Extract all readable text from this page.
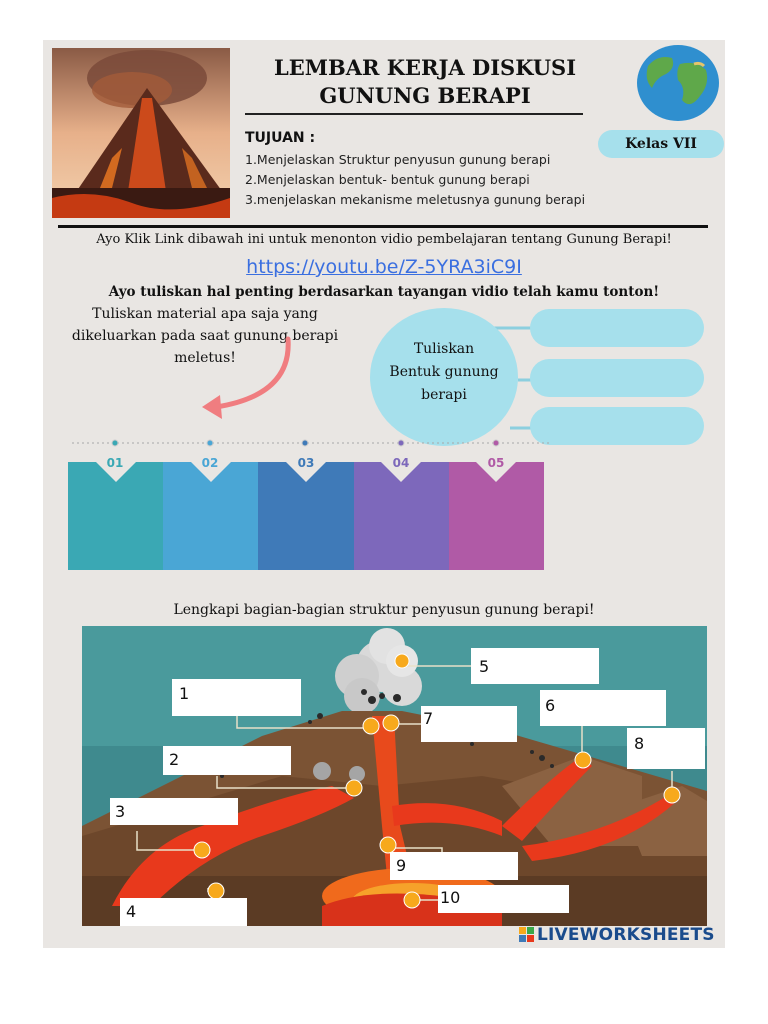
LEMBAR KERJA DISKUSI
GUNUNG BERAPI
TUJUAN :
1.Menjelaskan Struktur penyusun gunung berapi
2.Menjelaskan bentuk- bentuk gunung berapi
3.menjelaskan mekanisme meletusnya gunung berapi
Kelas VII
Ayo Klik Link dibawah ini untuk menonton vidio pembelajaran tentang Gunung Berapi!
https://youtu.be/Z-5YRA3iC9I
Ayo tuliskan hal penting berdasarkan tayangan vidio telah kamu tonton!
Tuliskan material apa saja yang
dikeluarkan pada saat gunung berapi
meletus!
Tuliskan
Bentuk gunung
berapi
01	02	03	04	05
Lengkapi bagian-bagian struktur penyusun gunung berapi!
1
2
3
4
5
6
7
8
9
10
LIVEWORKSHEETS
